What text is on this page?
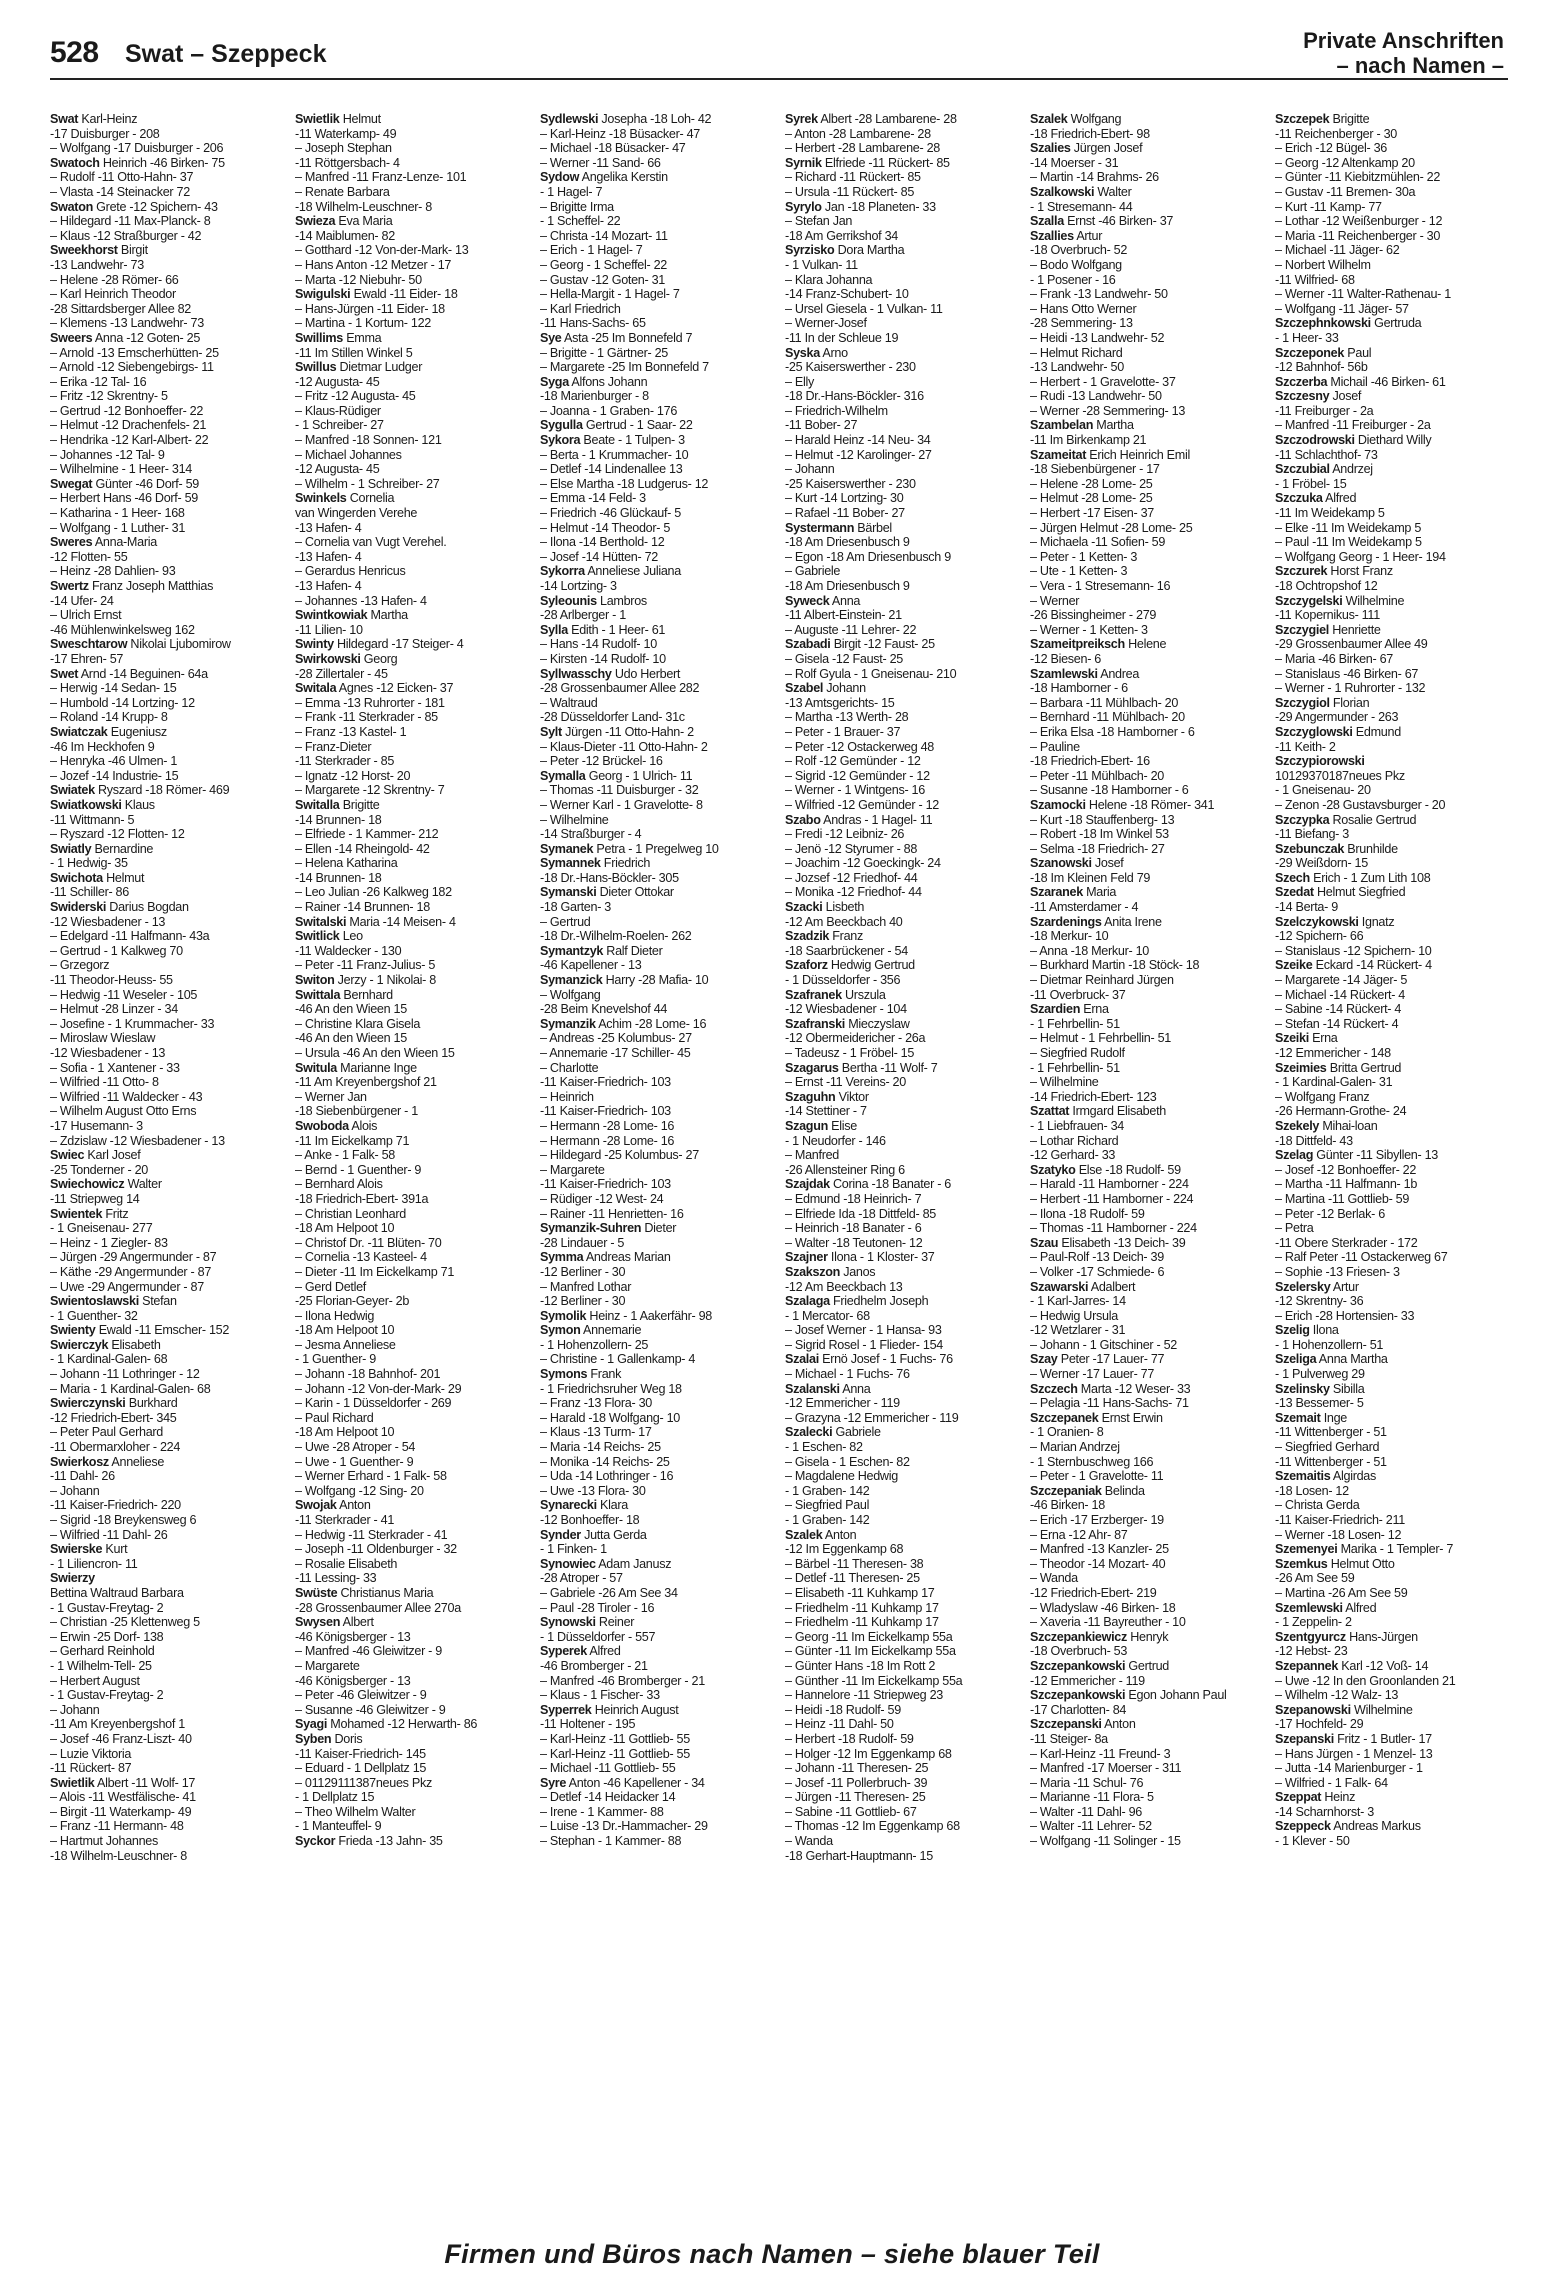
528 Swat – Szeppeck	Private Anschriften
– nach Namen –
Swat Karl-Heinz
-17 Duisburger - 208
– Wolfgang -17 Duisburger - 206
Swatoch Heinrich -46 Birken- 75
– Rudolf -11 Otto-Hahn- 37
– Vlasta -14 Steinacker 72
Swaton Grete -12 Spichern- 43
– Hildegard -11 Max-Planck- 8
– Klaus -12 Straßburger - 42
Sweekhorst Birgit
-13 Landwehr- 73
– Helene -28 Römer- 66
– Karl Heinrich Theodor
-28 Sittardsberger Allee 82
– Klemens -13 Landwehr- 73
Sweers Anna -12 Goten- 25
– Arnold -13 Emscherhütten- 25
– Arnold -12 Siebengebirgs- 11
– Erika -12 Tal- 16
– Fritz -12 Skrentny- 5
– Gertrud -12 Bonhoeffer- 22
– Helmut -12 Drachenfels- 21
– Hendrika -12 Karl-Albert- 22
– Johannes -12 Tal- 9
– Wilhelmine - 1 Heer- 314
Swegat Günter -46 Dorf- 59
– Herbert Hans -46 Dorf- 59
– Katharina - 1 Heer- 168
– Wolfgang - 1 Luther- 31
Sweres Anna-Maria
-12 Flotten- 55
– Heinz -28 Dahlien- 93
Swertz Franz Joseph Matthias
-14 Ufer- 24
– Ulrich Ernst
-46 Mühlenwinkelsweg 162
Sweschtarow Nikolai Ljubomirow
-17 Ehren- 57
Swet Arnd -14 Beguinen- 64a
– Herwig -14 Sedan- 15
– Humbold -14 Lortzing- 12
– Roland -14 Krupp- 8
Swiatczak Eugeniusz
-46 Im Heckhofen 9
– Henryka -46 Ulmen- 1
– Jozef -14 Industrie- 15
Swiatek Ryszard -18 Römer- 469
Swiatkowski Klaus
-11 Wittmann- 5
– Ryszard -12 Flotten- 12
Swiatly Bernardine
- 1 Hedwig- 35
Swichota Helmut
-11 Schiller- 86
Swiderski Darius Bogdan
-12 Wiesbadener - 13
– Edelgard -11 Halfmann- 43a
– Gertrud - 1 Kalkweg 70
– Grzegorz
-11 Theodor-Heuss- 55
– Hedwig -11 Weseler - 105
– Helmut -28 Linzer - 34
– Josefine - 1 Krummacher- 33
– Miroslaw Wieslaw
-12 Wiesbadener - 13
– Sofia - 1 Xantener - 33
– Wilfried -11 Otto- 8
– Wilfried -11 Waldecker - 43
– Wilhelm August Otto Erns
-17 Husemann- 3
– Zdzislaw -12 Wiesbadener - 13
Swiec Karl Josef
-25 Tonderner - 20
Swiechowicz Walter
-11 Striepweg 14
Swientek Fritz
- 1 Gneisenau- 277
– Heinz - 1 Ziegler- 83
– Jürgen -29 Angermunder - 87
– Käthe -29 Angermunder - 87
– Uwe -29 Angermunder - 87
Swientoslawski Stefan
- 1 Guenther- 32
Swienty Ewald -11 Emscher- 152
Swierczyk Elisabeth
- 1 Kardinal-Galen- 68
– Johann -11 Lothringer - 12
– Maria - 1 Kardinal-Galen- 68
Swierczynski Burkhard
-12 Friedrich-Ebert- 345
– Peter Paul Gerhard
-11 Obermarxloher - 224
Swierkosz Anneliese
-11 Dahl- 26
– Johann
-11 Kaiser-Friedrich- 220
– Sigrid -18 Breykensweg 6
– Wilfried -11 Dahl- 26
Swierske Kurt
- 1 Liliencron- 11
Swierzy
Bettina Waltraud Barbara
- 1 Gustav-Freytag- 2
– Christian -25 Klettenweg 5
– Erwin -25 Dorf- 138
– Gerhard Reinhold
- 1 Wilhelm-Tell- 25
– Herbert August
- 1 Gustav-Freytag- 2
– Johann
-11 Am Kreyenbergshof 1
– Josef -46 Franz-Liszt- 40
– Luzie Viktoria
-11 Rückert- 87
Swietlik Albert -11 Wolf- 17
– Alois -11 Westfälische- 41
– Birgit -11 Waterkamp- 49
– Franz -11 Hermann- 48
– Hartmut Johannes
-18 Wilhelm-Leuschner- 8
Swietlik Helmut
-11 Waterkamp- 49
– Joseph Stephan
-11 Röttgersbach- 4
– Manfred -11 Franz-Lenze- 101
– Renate Barbara
-18 Wilhelm-Leuschner- 8
Swieza Eva Maria
-14 Maiblumen- 82
– Gotthard -12 Von-der-Mark- 13
– Hans Anton -12 Metzer - 17
– Marta -12 Niebuhr- 50
Swigulski Ewald -11 Eider- 18
– Hans-Jürgen -11 Eider- 18
– Martina - 1 Kortum- 122
Swillims Emma
-11 Im Stillen Winkel 5
Swillus Dietmar Ludger
-12 Augusta- 45
– Fritz -12 Augusta- 45
– Klaus-Rüdiger
- 1 Schreiber- 27
– Manfred -18 Sonnen- 121
– Michael Johannes
-12 Augusta- 45
– Wilhelm - 1 Schreiber- 27
Swinkels Cornelia
van Wingerden Verehe
-13 Hafen- 4
– Cornelia van Vugt Verehel.
-13 Hafen- 4
– Gerardus Henricus
-13 Hafen- 4
– Johannes -13 Hafen- 4
Swintkowiak Martha
-11 Lilien- 10
Swinty Hildegard -17 Steiger- 4
Swirkowski Georg
-28 Zillertaler - 45
Switala Agnes -12 Eicken- 37
– Emma -13 Ruhrorter - 181
– Frank -11 Sterkrader - 85
– Franz -13 Kastel- 1
– Franz-Dieter
-11 Sterkrader - 85
– Ignatz -12 Horst- 20
– Margarete -12 Skrentny- 7
Switalla Brigitte
-14 Brunnen- 18
– Elfriede - 1 Kammer- 212
– Ellen -14 Rheingold- 42
– Helena Katharina
-14 Brunnen- 18
– Leo Julian -26 Kalkweg 182
– Rainer -14 Brunnen- 18
Switalski Maria -14 Meisen- 4
Switlick Leo
-11 Waldecker - 130
– Peter -11 Franz-Julius- 5
Switon Jerzy - 1 Nikolai- 8
Swittala Bernhard
-46 An den Wieen 15
– Christine Klara Gisela
-46 An den Wieen 15
– Ursula -46 An den Wieen 15
Switula Marianne Inge
-11 Am Kreyenbergshof 21
– Werner Jan
-18 Siebenbürgener - 1
Swoboda Alois
-11 Im Eickelkamp 71
– Anke - 1 Falk- 58
– Bernd - 1 Guenther- 9
– Bernhard Alois
-18 Friedrich-Ebert- 391a
– Christian Leonhard
-18 Am Helpoot 10
– Christof Dr. -11 Blüten- 70
– Cornelia -13 Kasteel- 4
– Dieter -11 Im Eickelkamp 71
– Gerd Detlef
-25 Florian-Geyer- 2b
– Ilona Hedwig
-18 Am Helpoot 10
– Jesma Anneliese
- 1 Guenther- 9
– Johann -18 Bahnhof- 201
– Johann -12 Von-der-Mark- 29
– Karin - 1 Düsseldorfer - 269
– Paul Richard
-18 Am Helpoot 10
– Uwe -28 Atroper - 54
– Uwe - 1 Guenther- 9
– Werner Erhard - 1 Falk- 58
– Wolfgang -12 Sing- 20
Swojak Anton
-11 Sterkrader - 41
– Hedwig -11 Sterkrader - 41
– Joseph -11 Oldenburger - 32
– Rosalie Elisabeth
-11 Lessing- 33
Swüste Christianus Maria
-28 Grossenbaumer Allee 270a
Swysen Albert
-46 Königsberger - 13
– Manfred -46 Gleiwitzer - 9
– Margarete
-46 Königsberger - 13
– Peter -46 Gleiwitzer - 9
– Susanne -46 Gleiwitzer - 9
Syagi Mohamed -12 Herwarth- 86
Syben Doris
-11 Kaiser-Friedrich- 145
– Eduard - 1 Dellplatz 15
– 01129111387neues Pkz
- 1 Dellplatz 15
– Theo Wilhelm Walter
- 1 Manteuffel- 9
Syckor Frieda -13 Jahn- 35
Sydlewski Josepha -18 Loh- 42
– Karl-Heinz -18 Büsacker- 47
– Michael -18 Büsacker- 47
– Werner -11 Sand- 66
Sydow Angelika Kerstin
- 1 Hagel- 7
– Brigitte Irma
- 1 Scheffel- 22
– Christa -14 Mozart- 11
– Erich - 1 Hagel- 7
– Georg - 1 Scheffel- 22
– Gustav -12 Goten- 31
– Hella-Margit - 1 Hagel- 7
– Karl Friedrich
-11 Hans-Sachs- 65
Sye Asta -25 Im Bonnefeld 7
– Brigitte - 1 Gärtner- 25
– Margarete -25 Im Bonnefeld 7
Syga Alfons Johann
-18 Marienburger - 8
– Joanna - 1 Graben- 176
Sygulla Gertrud - 1 Saar- 22
Sykora Beate - 1 Tulpen- 3
– Berta - 1 Krummacher- 10
– Detlef -14 Lindenallee 13
– Else Martha -18 Ludgerus- 12
– Emma -14 Feld- 3
– Friedrich -46 Glückauf- 5
– Helmut -14 Theodor- 5
– Ilona -14 Berthold- 12
– Josef -14 Hütten- 72
Sykorra Anneliese Juliana
-14 Lortzing- 3
Syleounis Lambros
-28 Arlberger - 1
Sylla Edith - 1 Heer- 61
– Hans -14 Rudolf- 10
– Kirsten -14 Rudolf- 10
Syllwasschy Udo Herbert
-28 Grossenbaumer Allee 282
– Waltraud
-28 Düsseldorfer Land- 31c
Sylt Jürgen -11 Otto-Hahn- 2
– Klaus-Dieter -11 Otto-Hahn- 2
– Peter -12 Brückel- 16
Symalla Georg - 1 Ulrich- 11
– Thomas -11 Duisburger - 32
– Werner Karl - 1 Gravelotte- 8
– Wilhelmine
-14 Straßburger - 4
Symanek Petra - 1 Pregelweg 10
Symannek Friedrich
-18 Dr.-Hans-Böckler- 305
Symanski Dieter Ottokar
-18 Garten- 3
– Gertrud
-18 Dr.-Wilhelm-Roelen- 262
Symantzyk Ralf Dieter
-46 Kapellener - 13
Symanzick Harry -28 Mafia- 10
– Wolfgang
-28 Beim Knevelshof 44
Symanzik Achim -28 Lome- 16
– Andreas -25 Kolumbus- 27
– Annemarie -17 Schiller- 45
– Charlotte
-11 Kaiser-Friedrich- 103
– Heinrich
-11 Kaiser-Friedrich- 103
– Hermann -28 Lome- 16
– Hermann -28 Lome- 16
– Hildegard -25 Kolumbus- 27
– Margarete
-11 Kaiser-Friedrich- 103
– Rüdiger -12 West- 24
– Rainer -11 Henrietten- 16
Symanzik-Suhren Dieter
-28 Lindauer - 5
Symma Andreas Marian
-12 Berliner - 30
– Manfred Lothar
-12 Berliner - 30
Symolik Heinz - 1 Aakerfähr- 98
Symon Annemarie
- 1 Hohenzollern- 25
– Christine - 1 Gallenkamp- 4
Symons Frank
- 1 Friedrichsruher Weg 18
– Franz -13 Flora- 30
– Harald -18 Wolfgang- 10
– Klaus -13 Turm- 17
– Maria -14 Reichs- 25
– Monika -14 Reichs- 25
– Uda -14 Lothringer - 16
– Uwe -13 Flora- 30
Synarecki Klara
-12 Bonhoeffer- 18
Synder Jutta Gerda
- 1 Finken- 1
Synowiec Adam Janusz
-28 Atroper - 57
– Gabriele -26 Am See 34
– Paul -28 Tiroler - 16
Synowski Reiner
- 1 Düsseldorfer - 557
Syperek Alfred
-46 Bromberger - 21
– Manfred -46 Bromberger - 21
– Klaus - 1 Fischer- 33
Syperrek Heinrich August
-11 Holtener - 195
– Karl-Heinz -11 Gottlieb- 55
– Karl-Heinz -11 Gottlieb- 55
– Michael -11 Gottlieb- 55
Syre Anton -46 Kapellener - 34
– Detlef -14 Heidacker 14
– Irene - 1 Kammer- 88
– Luise -13 Dr.-Hammacher- 29
– Stephan - 1 Kammer- 88
Syrek Albert -28 Lambarene- 28
– Anton -28 Lambarene- 28
– Herbert -28 Lambarene- 28
Syrnik Elfriede -11 Rückert- 85
– Richard -11 Rückert- 85
– Ursula -11 Rückert- 85
Syrylo Jan -18 Planeten- 33
– Stefan Jan
-18 Am Gerrikshof 34
Syrzisko Dora Martha
- 1 Vulkan- 11
– Klara Johanna
-14 Franz-Schubert- 10
– Ursel Giesela - 1 Vulkan- 11
– Werner-Josef
-11 In der Schleue 19
Syska Arno
-25 Kaiserswerther - 230
– Elly
-18 Dr.-Hans-Böckler- 316
– Friedrich-Wilhelm
-11 Bober- 27
– Harald Heinz -14 Neu- 34
– Helmut -12 Karolinger- 27
– Johann
-25 Kaiserswerther - 230
– Kurt -14 Lortzing- 30
– Rafael -11 Bober- 27
Systermann Bärbel
-18 Am Driesenbusch 9
– Egon -18 Am Driesenbusch 9
– Gabriele
-18 Am Driesenbusch 9
Syweck Anna
-11 Albert-Einstein- 21
– Auguste -11 Lehrer- 22
Szabadi Birgit -12 Faust- 25
– Gisela -12 Faust- 25
– Rolf Gyula - 1 Gneisenau- 210
Szabel Johann
-13 Amtsgerichts- 15
– Martha -13 Werth- 28
– Peter - 1 Brauer- 37
– Peter -12 Ostackerweg 48
– Rolf -12 Gemünder - 12
– Sigrid -12 Gemünder - 12
– Werner - 1 Wintgens- 16
– Wilfried -12 Gemünder - 12
Szabo Andras - 1 Hagel- 11
– Fredi -12 Leibniz- 26
– Jenö -12 Styrumer - 88
– Joachim -12 Goeckingk- 24
– Jozsef -12 Friedhof- 44
– Monika -12 Friedhof- 44
Szacki Lisbeth
-12 Am Beeckbach 40
Szadzik Franz
-18 Saarbrückener - 54
Szaforz Hedwig Gertrud
- 1 Düsseldorfer - 356
Szafranek Urszula
-12 Wiesbadener - 104
Szafranski Mieczyslaw
-12 Obermeidericher - 26a
– Tadeusz - 1 Fröbel- 15
Szagarus Bertha -11 Wolf- 7
– Ernst -11 Vereins- 20
Szaguhn Viktor
-14 Stettiner - 7
Szagun Elise
- 1 Neudorfer - 146
– Manfred
-26 Allensteiner Ring 6
Szajdak Corina -18 Banater - 6
– Edmund -18 Heinrich- 7
– Elfriede Ida -18 Dittfeld- 85
– Heinrich -18 Banater - 6
– Walter -18 Teutonen- 12
Szajner Ilona - 1 Kloster- 37
Szakszon Janos
-12 Am Beeckbach 13
Szalaga Friedhelm Joseph
- 1 Mercator- 68
– Josef Werner - 1 Hansa- 93
– Sigrid Rosel - 1 Flieder- 154
Szalai Ernö Josef - 1 Fuchs- 76
– Michael - 1 Fuchs- 76
Szalanski Anna
-12 Emmericher - 119
– Grazyna -12 Emmericher - 119
Szalecki Gabriele
- 1 Eschen- 82
– Gisela - 1 Eschen- 82
– Magdalene Hedwig
- 1 Graben- 142
– Siegfried Paul
- 1 Graben- 142
Szalek Anton
-12 Im Eggenkamp 68
– Bärbel -11 Theresen- 38
– Detlef -11 Theresen- 25
– Elisabeth -11 Kuhkamp 17
– Friedhelm -11 Kuhkamp 17
– Friedhelm -11 Kuhkamp 17
– Georg -11 Im Eickelkamp 55a
– Günter -11 Im Eickelkamp 55a
– Günter Hans -18 Im Rott 2
– Günther -11 Im Eickelkamp 55a
– Hannelore -11 Striepweg 23
– Heidi -18 Rudolf- 59
– Heinz -11 Dahl- 50
– Herbert -18 Rudolf- 59
– Holger -12 Im Eggenkamp 68
– Johann -11 Theresen- 25
– Josef -11 Pollerbruch- 39
– Jürgen -11 Theresen- 25
– Sabine -11 Gottlieb- 67
– Thomas -12 Im Eggenkamp 68
– Wanda
-18 Gerhart-Hauptmann- 15
Szalek Wolfgang
-18 Friedrich-Ebert- 98
Szalies Jürgen Josef
-14 Moerser - 31
– Martin -14 Brahms- 26
Szalkowski Walter
- 1 Stresemann- 44
Szalla Ernst -46 Birken- 37
Szallies Artur
-18 Overbruch- 52
– Bodo Wolfgang
- 1 Posener - 16
– Frank -13 Landwehr- 50
– Hans Otto Werner
-28 Semmering- 13
– Heidi -13 Landwehr- 52
– Helmut Richard
-13 Landwehr- 50
– Herbert - 1 Gravelotte- 37
– Rudi -13 Landwehr- 50
– Werner -28 Semmering- 13
Szambelan Martha
-11 Im Birkenkamp 21
Szameitat Erich Heinrich Emil
-18 Siebenbürgener - 17
– Helene -28 Lome- 25
– Helmut -28 Lome- 25
– Herbert -17 Eisen- 37
– Jürgen Helmut -28 Lome- 25
– Michaela -11 Sofien- 59
– Peter - 1 Ketten- 3
– Ute - 1 Ketten- 3
– Vera - 1 Stresemann- 16
– Werner
-26 Bissingheimer - 279
– Werner - 1 Ketten- 3
Szameitpreiksch Helene
-12 Biesen- 6
Szamlewski Andrea
-18 Hamborner - 6
– Barbara -11 Mühlbach- 20
– Bernhard -11 Mühlbach- 20
– Erika Elsa -18 Hamborner - 6
– Pauline
-18 Friedrich-Ebert- 16
– Peter -11 Mühlbach- 20
– Susanne -18 Hamborner - 6
Szamocki Helene -18 Römer- 341
– Kurt -18 Stauffenberg- 13
– Robert -18 Im Winkel 53
– Selma -18 Friedrich- 27
Szanowski Josef
-18 Im Kleinen Feld 79
Szaranek Maria
-11 Amsterdamer - 4
Szardenings Anita Irene
-18 Merkur- 10
– Anna -18 Merkur- 10
– Burkhard Martin -18 Stöck- 18
– Dietmar Reinhard Jürgen
-11 Overbruck- 37
Szardien Erna
- 1 Fehrbellin- 51
– Helmut - 1 Fehrbellin- 51
– Siegfried Rudolf
- 1 Fehrbellin- 51
– Wilhelmine
-14 Friedrich-Ebert- 123
Szattat Irmgard Elisabeth
- 1 Liebfrauen- 34
– Lothar Richard
-12 Gerhard- 33
Szatyko Else -18 Rudolf- 59
– Harald -11 Hamborner - 224
– Herbert -11 Hamborner - 224
– Ilona -18 Rudolf- 59
– Thomas -11 Hamborner - 224
Szau Elisabeth -13 Deich- 39
– Paul-Rolf -13 Deich- 39
– Volker -17 Schmiede- 6
Szawarski Adalbert
- 1 Karl-Jarres- 14
– Hedwig Ursula
-12 Wetzlarer - 31
– Johann - 1 Gitschiner - 52
Szay Peter -17 Lauer- 77
– Werner -17 Lauer- 77
Szczech Marta -12 Weser- 33
– Pelagia -11 Hans-Sachs- 71
Szczepanek Ernst Erwin
- 1 Oranien- 8
– Marian Andrzej
- 1 Sternbuschweg 166
– Peter - 1 Gravelotte- 11
Szczepaniak Belinda
-46 Birken- 18
– Erich -17 Erzberger- 19
– Erna -12 Ahr- 87
– Manfred -13 Kanzler- 25
– Theodor -14 Mozart- 40
– Wanda
-12 Friedrich-Ebert- 219
– Wladyslaw -46 Birken- 18
– Xaveria -11 Bayreuther - 10
Szczepankiewicz Henryk
-18 Overbruch- 53
Szczepankowski Gertrud
-12 Emmericher - 119
Szczepankowski Egon Johann Paul
-17 Charlotten- 84
Szczepanski Anton
-11 Steiger- 8a
– Karl-Heinz -11 Freund- 3
– Manfred -17 Moerser - 311
– Maria -11 Schul- 76
– Marianne -11 Flora- 5
– Walter -11 Dahl- 96
– Walter -11 Lehrer- 52
– Wolfgang -11 Solinger - 15
Szczepek Brigitte
-11 Reichenberger - 30
– Erich -12 Bügel- 36
– Georg -12 Altenkamp 20
– Günter -11 Kiebitzmühlen- 22
– Gustav -11 Bremen- 30a
– Kurt -11 Kamp- 77
– Lothar -12 Weißenburger - 12
– Maria -11 Reichenberger - 30
– Michael -11 Jäger- 62
– Norbert Wilhelm
-11 Wilfried- 68
– Werner -11 Walter-Rathenau- 1
– Wolfgang -11 Jäger- 57
Szczephnkowski Gertruda
- 1 Heer- 33
Szczeponek Paul
-12 Bahnhof- 56b
Szczerba Michail -46 Birken- 61
Szczesny Josef
-11 Freiburger - 2a
– Manfred -11 Freiburger - 2a
Szczodrowski Diethard Willy
-11 Schlachthof- 73
Szczubial Andrzej
- 1 Fröbel- 15
Szczuka Alfred
-11 Im Weidekamp 5
– Elke -11 Im Weidekamp 5
– Paul -11 Im Weidekamp 5
– Wolfgang Georg - 1 Heer- 194
Szczurek Horst Franz
-18 Ochtropshof 12
Szczygelski Wilhelmine
-11 Kopernikus- 111
Szczygiel Henriette
-29 Grossenbaumer Allee 49
– Maria -46 Birken- 67
– Stanislaus -46 Birken- 67
– Werner - 1 Ruhrorter - 132
Szczygiol Florian
-29 Angermunder - 263
Szczyglowski Edmund
-11 Keith- 2
Szczypiorowski
10129370187neues Pkz
- 1 Gneisenau- 20
– Zenon -28 Gustavsburger - 20
Szczypka Rosalie Gertrud
-11 Biefang- 3
Szebunczak Brunhilde
-29 Weißdorn- 15
Szech Erich - 1 Zum Lith 108
Szedat Helmut Siegfried
-14 Berta- 9
Szelczykowski Ignatz
-12 Spichern- 66
– Stanislaus -12 Spichern- 10
Szeike Eckard -14 Rückert- 4
– Margarete -14 Jäger- 5
– Michael -14 Rückert- 4
– Sabine -14 Rückert- 4
– Stefan -14 Rückert- 4
Szeiki Erna
-12 Emmericher - 148
Szeimies Britta Gertrud
- 1 Kardinal-Galen- 31
– Wolfgang Franz
-26 Hermann-Grothe- 24
Szekely Mihai-loan
-18 Dittfeld- 43
Szelag Günter -11 Sibyllen- 13
– Josef -12 Bonhoeffer- 22
– Martha -11 Halfmann- 1b
– Martina -11 Gottlieb- 59
– Peter -12 Berlak- 6
– Petra
-11 Obere Sterkrader - 172
– Ralf Peter -11 Ostackerweg 67
– Sophie -13 Friesen- 3
Szelersky Artur
-12 Skrentny- 36
– Erich -28 Hortensien- 33
Szelig Ilona
- 1 Hohenzollern- 51
Szeliga Anna Martha
- 1 Pulverweg 29
Szelinsky Sibilla
-13 Bessemer- 5
Szemait Inge
-11 Wittenberger - 51
– Siegfried Gerhard
-11 Wittenberger - 51
Szemaitis Algirdas
-18 Losen- 12
– Christa Gerda
-11 Kaiser-Friedrich- 211
– Werner -18 Losen- 12
Szemenyei Marika - 1 Templer- 7
Szemkus Helmut Otto
-26 Am See 59
– Martina -26 Am See 59
Szemlewski Alfred
- 1 Zeppelin- 2
Szentgyurcz Hans-Jürgen
-12 Hebst- 23
Szepannek Karl -12 Voß- 14
– Uwe -12 In den Groonlanden 21
– Wilhelm -12 Walz- 13
Szepanowski Wilhelmine
-17 Hochfeld- 29
Szepanski Fritz - 1 Butler- 17
– Hans Jürgen - 1 Menzel- 13
– Jutta -14 Marienburger - 1
– Wilfried - 1 Falk- 64
Szeppat Heinz
-14 Scharnhorst- 3
Szeppeck Andreas Markus
- 1 Klever - 50
Firmen und Büros nach Namen – siehe blauer Teil
